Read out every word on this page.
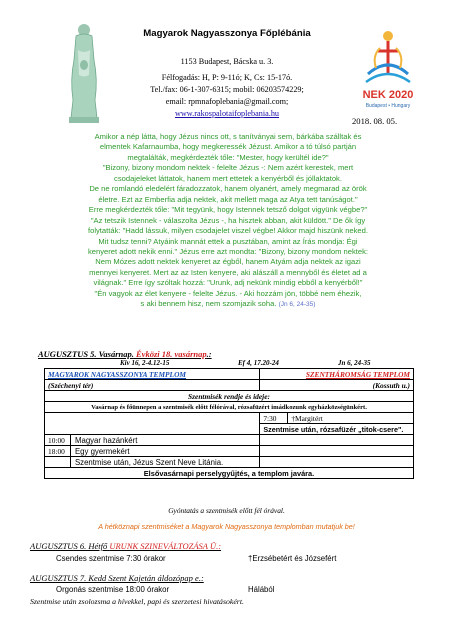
Magyarok Nagyasszonya Főplébánia
1153 Budapest, Bácska u. 3.
Félfogadás: H, P: 9-11ó; K, Cs: 15-17ó.
Tel./fax: 06-1-307-6315; mobil: 06203574229;
email: rpmnafoplebania@gmail.com;
www.rakospalotaifoplebania.hu
NEK 2020
Budapest • Hungary
2018. 08. 05.
Amikor a nép látta, hogy Jézus nincs ott, s tanítványai sem, bárkába szálltak és
elmentek Kafarnaumba, hogy megkeressék Jézust. Amikor a tó túlsó partján
megtalálták, megkérdezték tőle: "Mester, hogy kerültél ide?"
"Bizony, bizony mondom nektek - felelte Jézus -: Nem azért kerestek, mert
csodajeleket láttatok, hanem mert ettetek a kenyérből és jóllaktatok.
De ne romlandó eledelért fáradozzatok, hanem olyanért, amely megmarad az örök
életre. Ezt az Emberfia adja nektek, akit mellett maga az Atya tett tanúságot."
Erre megkérdezték tőle: "Mit tegyünk, hogy Istennek tetsző dolgot vigyünk végbe?"
"Az tetszik Istennek - válaszolta Jézus -, ha hisztek abban, akit küldött." De ők így
folytatták: "Hadd lássuk, milyen csodajelet viszel végbe! Akkor majd hiszünk neked.
Mit tudsz tenni? Atyáink mannát ettek a pusztában, amint az Írás mondja: Égi
kenyeret adott nekik enni." Jézus erre azt mondta: "Bizony, bizony mondom nektek:
Nem Mózes adott nektek kenyeret az égből, hanem Atyám adja nektek az igazi
mennyei kenyeret. Mert az az Isten kenyere, aki alászáll a mennyből és életet ad a
világnak." Erre így szóltak hozzá: "Urunk, adj nekünk mindig ebből a kenyérből!"
"Én vagyok az élet kenyere - felelte Jézus. - Aki hozzám jön, többé nem éhezik,
s aki bennem hisz, nem szomjazik soha. (Jn 6, 24-35)
AUGUSZTUS 5. Vasárnap. Évközi 18. vasárnap.:
Kiv 16, 2-4.12-15	Ef 4, 17.20-24	Jn 6, 24-35
MAGYAROK NAGYASSZONYA TEMPLOM		SZENTHÁROMSÁG TEMPLOM	
(Széchenyi tér)		(Kossuth u.)	
Szentmisék rendje és ideje:			
Vasárnap és főünnepen a szentmisék előtt félórával, rózsafüzért imádkozunk egyházközségünkért.			
		7:30	†Margitért
		Szentmise után, rózsafüzér „titok-csere".	
10:00	Magyar hazánkért		
18:00	Egy gyermekért		
	Szentmise után, Jézus Szent Neve Litánia.		
Elsővasárnapi perselygyűjtés, a templom javára.			
Gyóntatás a szentmisék előtt fél órával.
A hétköznapi szentmiséket a Magyarok Nagyasszonya templomban mutatjuk be!
AUGUSZTUS 6. Hétfő URUNK SZINEVÁLTOZÁSA Ü.:
Csendes szentmise 7:30 órakor	†Erzsébetért és Józsefért
AUGUSZTUS 7. Kedd Szent Kajetán áldozópap e.:
Orgonás szentmise 18:00 órakor	Hálából
Szentmise után zsolozsma a hívekkel, papi és szerzetesi hivatásokért.
